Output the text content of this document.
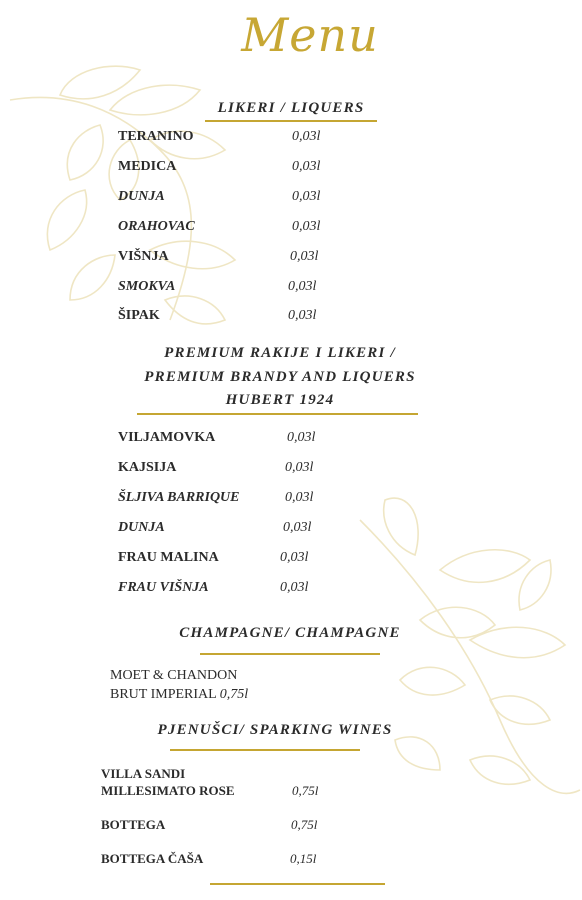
Menu
LIKERI / LIQUERS
TERANINO	0,03l
MEDICA	0,03l
DUNJA	0,03l
ORAHOVAC	0,03l
VIŠNJA	0,03l
SMOKVA	0,03l
ŠIPAK	0,03l
PREMIUM RAKIJE I LIKERI /
PREMIUM BRANDY AND LIQUERS
HUBERT 1924
VILJAMOVKA	0,03l
KAJSIJA	0,03l
ŠLJIVA BARRIQUE	0,03l
DUNJA	0,03l
FRAU MALINA	0,03l
FRAU VIŠNJA	0,03l
CHAMPAGNE/ CHAMPAGNE
MOET & CHANDON
BRUT IMPERIAL 0,75l
PJENUŠCI/ SPARKING WINES
VILLA SANDI
MILLESIMATO ROSE	0,75l
BOTTEGA	0,75l
BOTTEGA ČAŠA	0,15l
